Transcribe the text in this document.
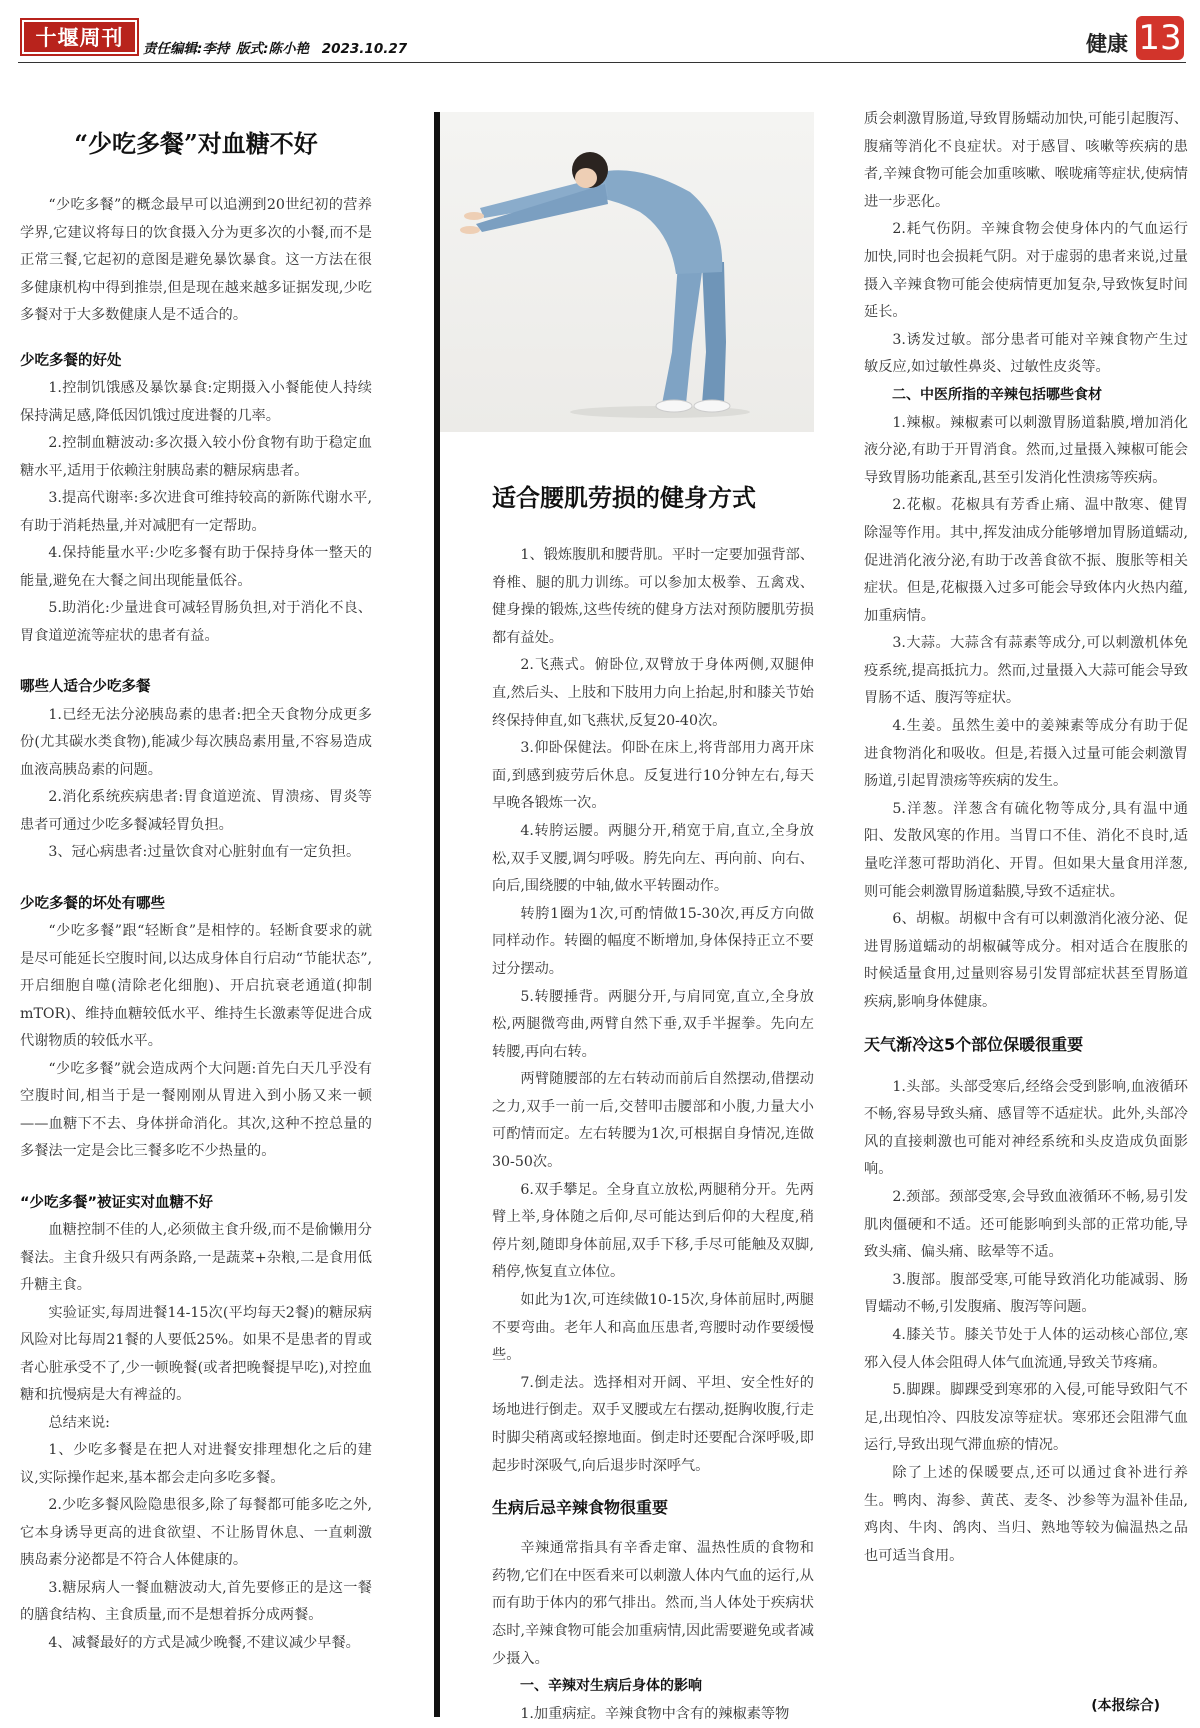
十堰周刊 责任编辑:李持 版式:陈小艳 2023.10.27	健康 13
“少吃多餐”对血糖不好

“少吃多餐”的概念最早可以追溯到20世纪初的营养学界,它建议将每日的饮食摄入分为更多次的小餐,而不是正常三餐,它起初的意图是避免暴饮暴食。这一方法在很多健康机构中得到推崇,但是现在越来越多证据发现,少吃多餐对于大多数健康人是不适合的。

少吃多餐的好处

1.控制饥饿感及暴饮暴食:定期摄入小餐能使人持续保持满足感,降低因饥饿过度进餐的几率。

2.控制血糖波动:多次摄入较小份食物有助于稳定血糖水平,适用于依赖注射胰岛素的糖尿病患者。

3.提高代谢率:多次进食可维持较高的新陈代谢水平,有助于消耗热量,并对减肥有一定帮助。

4.保持能量水平:少吃多餐有助于保持身体一整天的能量,避免在大餐之间出现能量低谷。

5.助消化:少量进食可减轻胃肠负担,对于消化不良、胃食道逆流等症状的患者有益。

哪些人适合少吃多餐

1.已经无法分泌胰岛素的患者:把全天食物分成更多份(尤其碳水类食物),能减少每次胰岛素用量,不容易造成血液高胰岛素的问题。

2.消化系统疾病患者:胃食道逆流、胃溃疡、胃炎等患者可通过少吃多餐减轻胃负担。

3、冠心病患者:过量饮食对心脏射血有一定负担。

少吃多餐的坏处有哪些

“少吃多餐”跟“轻断食”是相悖的。轻断食要求的就是尽可能延长空腹时间,以达成身体自行启动“节能状态”,开启细胞自噬(清除老化细胞)、开启抗衰老通道(抑制mTOR)、维持血糖较低水平、维持生长激素等促进合成代谢物质的较低水平。

“少吃多餐”就会造成两个大问题:首先白天几乎没有空腹时间,相当于是一餐刚刚从胃进入到小肠又来一顿——血糖下不去、身体拼命消化。其次,这种不控总量的多餐法一定是会比三餐多吃不少热量的。

“少吃多餐”被证实对血糖不好

血糖控制不佳的人,必须做主食升级,而不是偷懒用分餐法。主食升级只有两条路,一是蔬菜+杂粮,二是食用低升糖主食。

实验证实,每周进餐14-15次(平均每天2餐)的糖尿病风险对比每周21餐的人要低25%。如果不是患者的胃或者心脏承受不了,少一顿晚餐(或者把晚餐提早吃),对控血糖和抗慢病是大有裨益的。

总结来说:

1、少吃多餐是在把人对进餐安排理想化之后的建议,实际操作起来,基本都会走向多吃多餐。

2.少吃多餐风险隐患很多,除了每餐都可能多吃之外,它本身诱导更高的进食欲望、不让肠胃休息、一直刺激胰岛素分泌都是不符合人体健康的。

3.糖尿病人一餐血糖波动大,首先要修正的是这一餐的膳食结构、主食质量,而不是想着拆分成两餐。

4、减餐最好的方式是减少晚餐,不建议减少早餐。

适合腰肌劳损的健身方式

1、锻炼腹肌和腰背肌。平时一定要加强背部、脊椎、腿的肌力训练。可以参加太极拳、五禽戏、健身操的锻炼,这些传统的健身方法对预防腰肌劳损都有益处。

2.飞燕式。俯卧位,双臂放于身体两侧,双腿伸直,然后头、上肢和下肢用力向上抬起,肘和膝关节始终保持伸直,如飞燕状,反复20-40次。

3.仰卧保健法。仰卧在床上,将背部用力离开床面,到感到疲劳后休息。反复进行10分钟左右,每天早晚各锻炼一次。

4.转胯运腰。两腿分开,稍宽于肩,直立,全身放松,双手叉腰,调匀呼吸。胯先向左、再向前、向右、向后,围绕腰的中轴,做水平转圈动作。

转胯1圈为1次,可酌情做15-30次,再反方向做同样动作。转圈的幅度不断增加,身体保持正立不要过分摆动。

5.转腰捶背。两腿分开,与肩同宽,直立,全身放松,两腿微弯曲,两臂自然下垂,双手半握拳。先向左转腰,再向右转。

两臂随腰部的左右转动而前后自然摆动,借摆动之力,双手一前一后,交替叩击腰部和小腹,力量大小可酌情而定。左右转腰为1次,可根据自身情况,连做30-50次。

6.双手攀足。全身直立放松,两腿稍分开。先两臂上举,身体随之后仰,尽可能达到后仰的大程度,稍停片刻,随即身体前屈,双手下移,手尽可能触及双脚,稍停,恢复直立体位。

如此为1次,可连续做10-15次,身体前屈时,两腿不要弯曲。老年人和高血压患者,弯腰时动作要缓慢些。

7.倒走法。选择相对开阔、平坦、安全性好的场地进行倒走。双手叉腰或左右摆动,挺胸收腹,行走时脚尖稍离或轻擦地面。倒走时还要配合深呼吸,即起步时深吸气,向后退步时深呼气。

生病后忌辛辣食物很重要

辛辣通常指具有辛香走窜、温热性质的食物和药物,它们在中医看来可以刺激人体内气血的运行,从而有助于体内的邪气排出。然而,当人体处于疾病状态时,辛辣食物可能会加重病情,因此需要避免或者减少摄入。

一、辛辣对生病后身体的影响

1.加重病症。辛辣食物中含有的辣椒素等物

质会刺激胃肠道,导致胃肠蠕动加快,可能引起腹泻、腹痛等消化不良症状。对于感冒、咳嗽等疾病的患者,辛辣食物可能会加重咳嗽、喉咙痛等症状,使病情进一步恶化。

2.耗气伤阴。辛辣食物会使身体内的气血运行加快,同时也会损耗气阴。对于虚弱的患者来说,过量摄入辛辣食物可能会使病情更加复杂,导致恢复时间延长。

3.诱发过敏。部分患者可能对辛辣食物产生过敏反应,如过敏性鼻炎、过敏性皮炎等。

二、中医所指的辛辣包括哪些食材

1.辣椒。辣椒素可以刺激胃肠道黏膜,增加消化液分泌,有助于开胃消食。然而,过量摄入辣椒可能会导致胃肠功能紊乱,甚至引发消化性溃疡等疾病。

2.花椒。花椒具有芳香止痛、温中散寒、健胃除湿等作用。其中,挥发油成分能够增加胃肠道蠕动,促进消化液分泌,有助于改善食欲不振、腹胀等相关症状。但是,花椒摄入过多可能会导致体内火热内蕴,加重病情。

3.大蒜。大蒜含有蒜素等成分,可以刺激机体免疫系统,提高抵抗力。然而,过量摄入大蒜可能会导致胃肠不适、腹泻等症状。

4.生姜。虽然生姜中的姜辣素等成分有助于促进食物消化和吸收。但是,若摄入过量可能会刺激胃肠道,引起胃溃疡等疾病的发生。

5.洋葱。洋葱含有硫化物等成分,具有温中通阳、发散风寒的作用。当胃口不佳、消化不良时,适量吃洋葱可帮助消化、开胃。但如果大量食用洋葱,则可能会刺激胃肠道黏膜,导致不适症状。

6、胡椒。胡椒中含有可以刺激消化液分泌、促进胃肠道蠕动的胡椒碱等成分。相对适合在腹胀的时候适量食用,过量则容易引发胃部症状甚至胃肠道疾病,影响身体健康。

天气渐冷这5个部位保暖很重要

1.头部。头部受寒后,经络会受到影响,血液循环不畅,容易导致头痛、感冒等不适症状。此外,头部冷风的直接刺激也可能对神经系统和头皮造成负面影响。

2.颈部。颈部受寒,会导致血液循环不畅,易引发肌肉僵硬和不适。还可能影响到头部的正常功能,导致头痛、偏头痛、眩晕等不适。

3.腹部。腹部受寒,可能导致消化功能减弱、肠胃蠕动不畅,引发腹痛、腹泻等问题。

4.膝关节。膝关节处于人体的运动核心部位,寒邪入侵人体会阻碍人体气血流通,导致关节疼痛。

5.脚踝。脚踝受到寒邪的入侵,可能导致阳气不足,出现怕冷、四肢发凉等症状。寒邪还会阻滞气血运行,导致出现气滞血瘀的情况。

除了上述的保暖要点,还可以通过食补进行养生。鸭肉、海参、黄芪、麦冬、沙参等为温补佳品,鸡肉、牛肉、鸽肉、当归、熟地等较为偏温热之品也可适当食用。

(本报综合)
